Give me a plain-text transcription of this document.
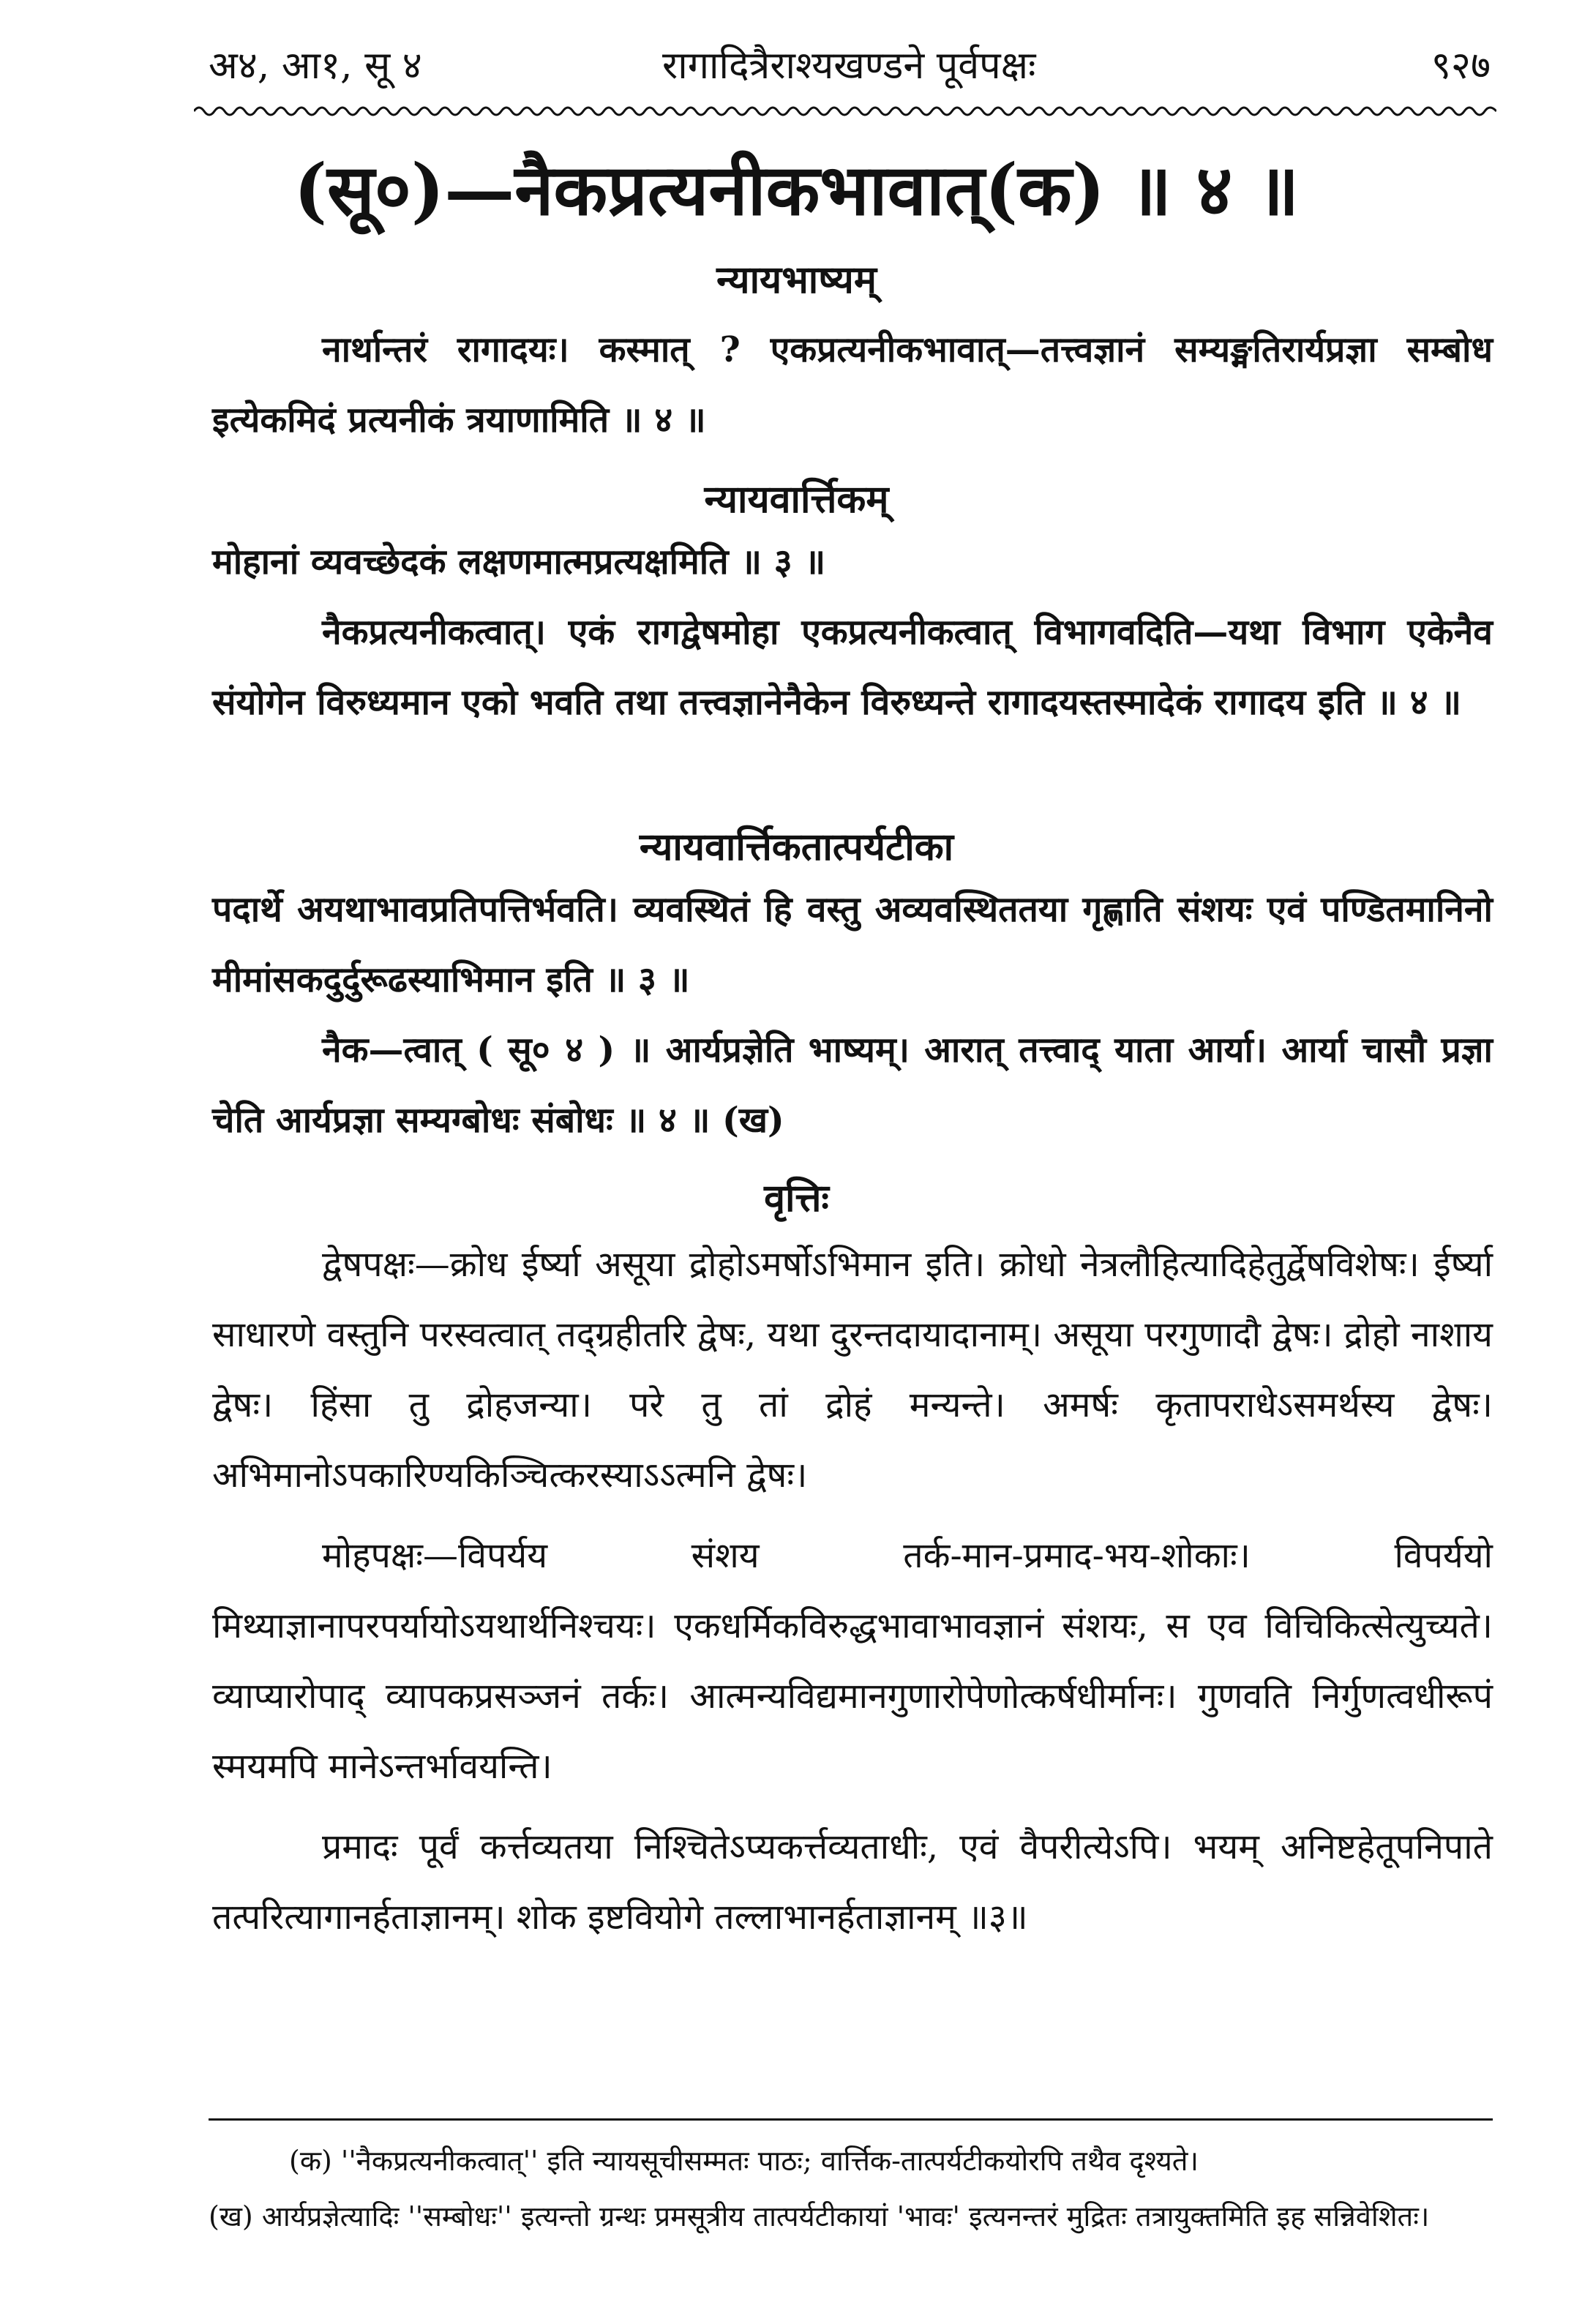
अ४, आ१, सू ४	रागादित्रैराश्यखण्डने पूर्वपक्षः	९२७
(सू०)—नैकप्रत्यनीकभावात्(क) ॥ ४ ॥
न्यायभाष्यम्

नार्थान्तरं रागादयः। कस्मात् ? एकप्रत्यनीकभावात्—तत्त्वज्ञानं सम्यङ्मतिरार्यप्रज्ञा सम्बोध इत्येकमिदं प्रत्यनीकं त्रयाणामिति ॥ ४ ॥

न्यायवार्त्तिकम्

मोहानां व्यवच्छेदकं लक्षणमात्मप्रत्यक्षमिति ॥ ३ ॥

नैकप्रत्यनीकत्वात्। एकं रागद्वेषमोहा एकप्रत्यनीकत्वात् विभागवदिति—यथा विभाग एकेनैव संयोगेन विरुध्यमान एको भवति तथा तत्त्वज्ञानेनैकेन विरुध्यन्ते रागादयस्तस्मादेकं रागादय इति ॥ ४ ॥

न्यायवार्त्तिकतात्पर्यटीका

पदार्थे अयथाभावप्रतिपत्तिर्भवति। व्यवस्थितं हि वस्तु अव्यवस्थिततया गृह्णाति संशयः एवं पण्डितमानिनो मीमांसकदुर्दुरूढस्याभिमान इति ॥ ३ ॥

नैक—त्वात् ( सू० ४ ) ॥ आर्यप्रज्ञेति भाष्यम्। आरात् तत्त्वाद् याता आर्या। आर्या चासौ प्रज्ञा चेति आर्यप्रज्ञा सम्यग्बोधः संबोधः ॥ ४ ॥ (ख)

वृत्तिः

द्वेषपक्षः—क्रोध ईर्ष्या असूया द्रोहोऽमर्षोऽभिमान इति। क्रोधो नेत्रलौहित्यादिहेतुर्द्वेषविशेषः। ईर्ष्या साधारणे वस्तुनि परस्वत्वात् तद्ग्रहीतरि द्वेषः, यथा दुरन्तदायादानाम्। असूया परगुणादौ द्वेषः। द्रोहो नाशाय द्वेषः। हिंसा तु द्रोहजन्या। परे तु तां द्रोहं मन्यन्ते। अमर्षः कृतापराधेऽसमर्थस्य द्वेषः। अभिमानोऽपकारिण्यकिञ्चित्करस्याऽऽत्मनि द्वेषः।

मोहपक्षः—विपर्यय संशय तर्क-मान-प्रमाद-भय-शोकाः। विपर्ययो मिथ्याज्ञानापरपर्यायोऽयथार्थनिश्चयः। एकधर्मिकविरुद्धभावाभावज्ञानं संशयः, स एव विचिकित्सेत्युच्यते। व्याप्यारोपाद् व्यापकप्रसञ्जनं तर्कः। आत्मन्यविद्यमानगुणारोपेणोत्कर्षधीर्मानः। गुणवति निर्गुणत्वधीरूपं स्मयमपि मानेऽन्तर्भावयन्ति।

प्रमादः पूर्वं कर्त्तव्यतया निश्चितेऽप्यकर्त्तव्यताधीः, एवं वैपरीत्येऽपि। भयम् अनिष्टहेतूपनिपाते तत्परित्यागानर्हताज्ञानम्। शोक इष्टवियोगे तल्लाभानर्हताज्ञानम् ॥३॥

(क) ''नैकप्रत्यनीकत्वात्'' इति न्यायसूचीसम्मतः पाठः; वार्त्तिक-तात्पर्यटीकयोरपि तथैव दृश्यते।

(ख) आर्यप्रज्ञेत्यादिः ''सम्बोधः'' इत्यन्तो ग्रन्थः प्रमसूत्रीय तात्पर्यटीकायां 'भावः' इत्यनन्तरं मुद्रितः तत्रायुक्तमिति इह सन्निवेशितः।
